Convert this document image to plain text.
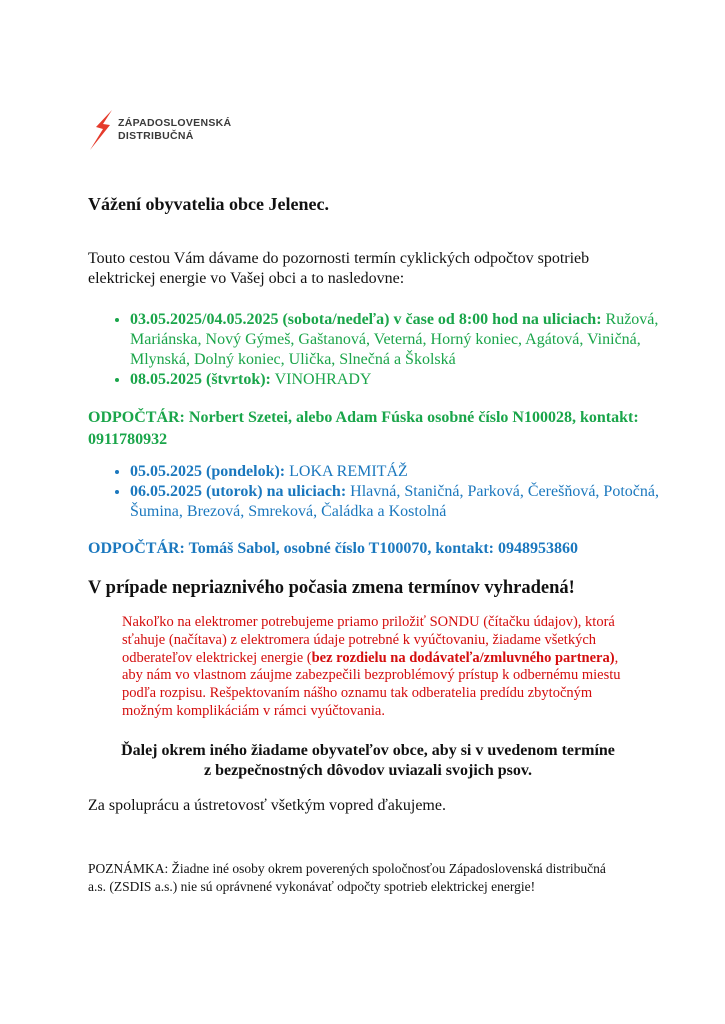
ZÁPADOSLOVENSKÁ
DISTRIBUČNÁ
Vážení obyvatelia obce Jelenec.
Touto cestou Vám dávame do pozornosti termín cyklických odpočtov spotrieb elektrickej energie vo Vašej obci a to nasledovne:
• 03.05.2025/04.05.2025 (sobota/nedeľa) v čase od 8:00 hod na uliciach: Ružová, Mariánska, Nový Gýmeš, Gaštanová, Veterná, Horný koniec, Agátová, Viničná, Mlynská, Dolný koniec, Ulička, Slnečná a Školská
• 08.05.2025 (štvrtok): VINOHRADY
ODPOČTÁR: Norbert Szetei, alebo Adam Fúska osobné číslo N100028, kontakt: 0911780932
• 05.05.2025 (pondelok): LOKA REMITÁŽ
• 06.05.2025 (utorok) na uliciach: Hlavná, Staničná, Parková, Čerešňová, Potočná, Šumina, Brezová, Smreková, Čaládka a Kostolná
ODPOČTÁR: Tomáš Sabol, osobné číslo T100070, kontakt: 0948953860
V prípade nepriaznivého počasia zmena termínov vyhradená!
Nakoľko na elektromer potrebujeme priamo priložiť SONDU (čítačku údajov), ktorá sťahuje (načítava) z elektromera údaje potrebné k vyúčtovaniu, žiadame všetkých odberateľov elektrickej energie (bez rozdielu na dodávateľa/zmluvného partnera), aby nám vo vlastnom záujme zabezpečili bezproblémový prístup k odbernému miestu podľa rozpisu. Rešpektovaním nášho oznamu tak odberatelia predídu zbytočným možným komplikáciám v rámci vyúčtovania.
Ďalej okrem iného žiadame obyvateľov obce, aby si v uvedenom termíne
z bezpečnostných dôvodov uviazali svojich psov.
Za spoluprácu a ústretovosť všetkým vopred ďakujeme.
POZNÁMKA: Žiadne iné osoby okrem poverených spoločnosťou Západoslovenská distribučná a.s. (ZSDIS a.s.) nie sú oprávnené vykonávať odpočty spotrieb elektrickej energie!
